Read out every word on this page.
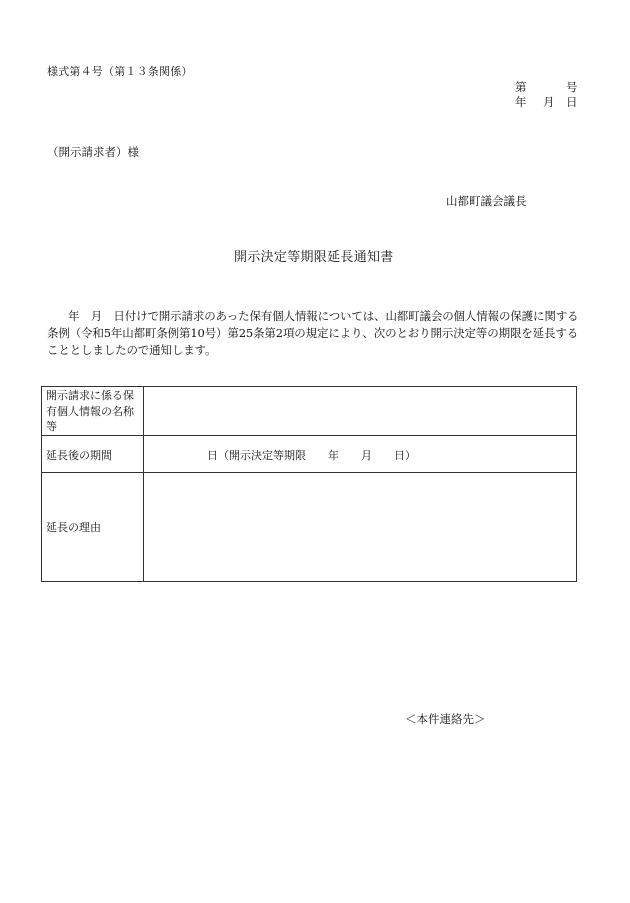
様式第４号（第１３条関係）
第	号
年 月 日
（開示請求者）様
山都町議会議長
開示決定等期限延長通知書
年　月　日付けで開示請求のあった保有個人情報については、山都町議会の個人情報の保護に関する条例（令和5年山都町条例第10号）第25条第2項の規定により、次のとおり開示決定等の期限を延長することとしましたので通知します。
開示請求に係る保有個人情報の名称等
延長後の期間	日（開示決定等期限　　年　　月　　日）
延長の理由
＜本件連絡先＞
